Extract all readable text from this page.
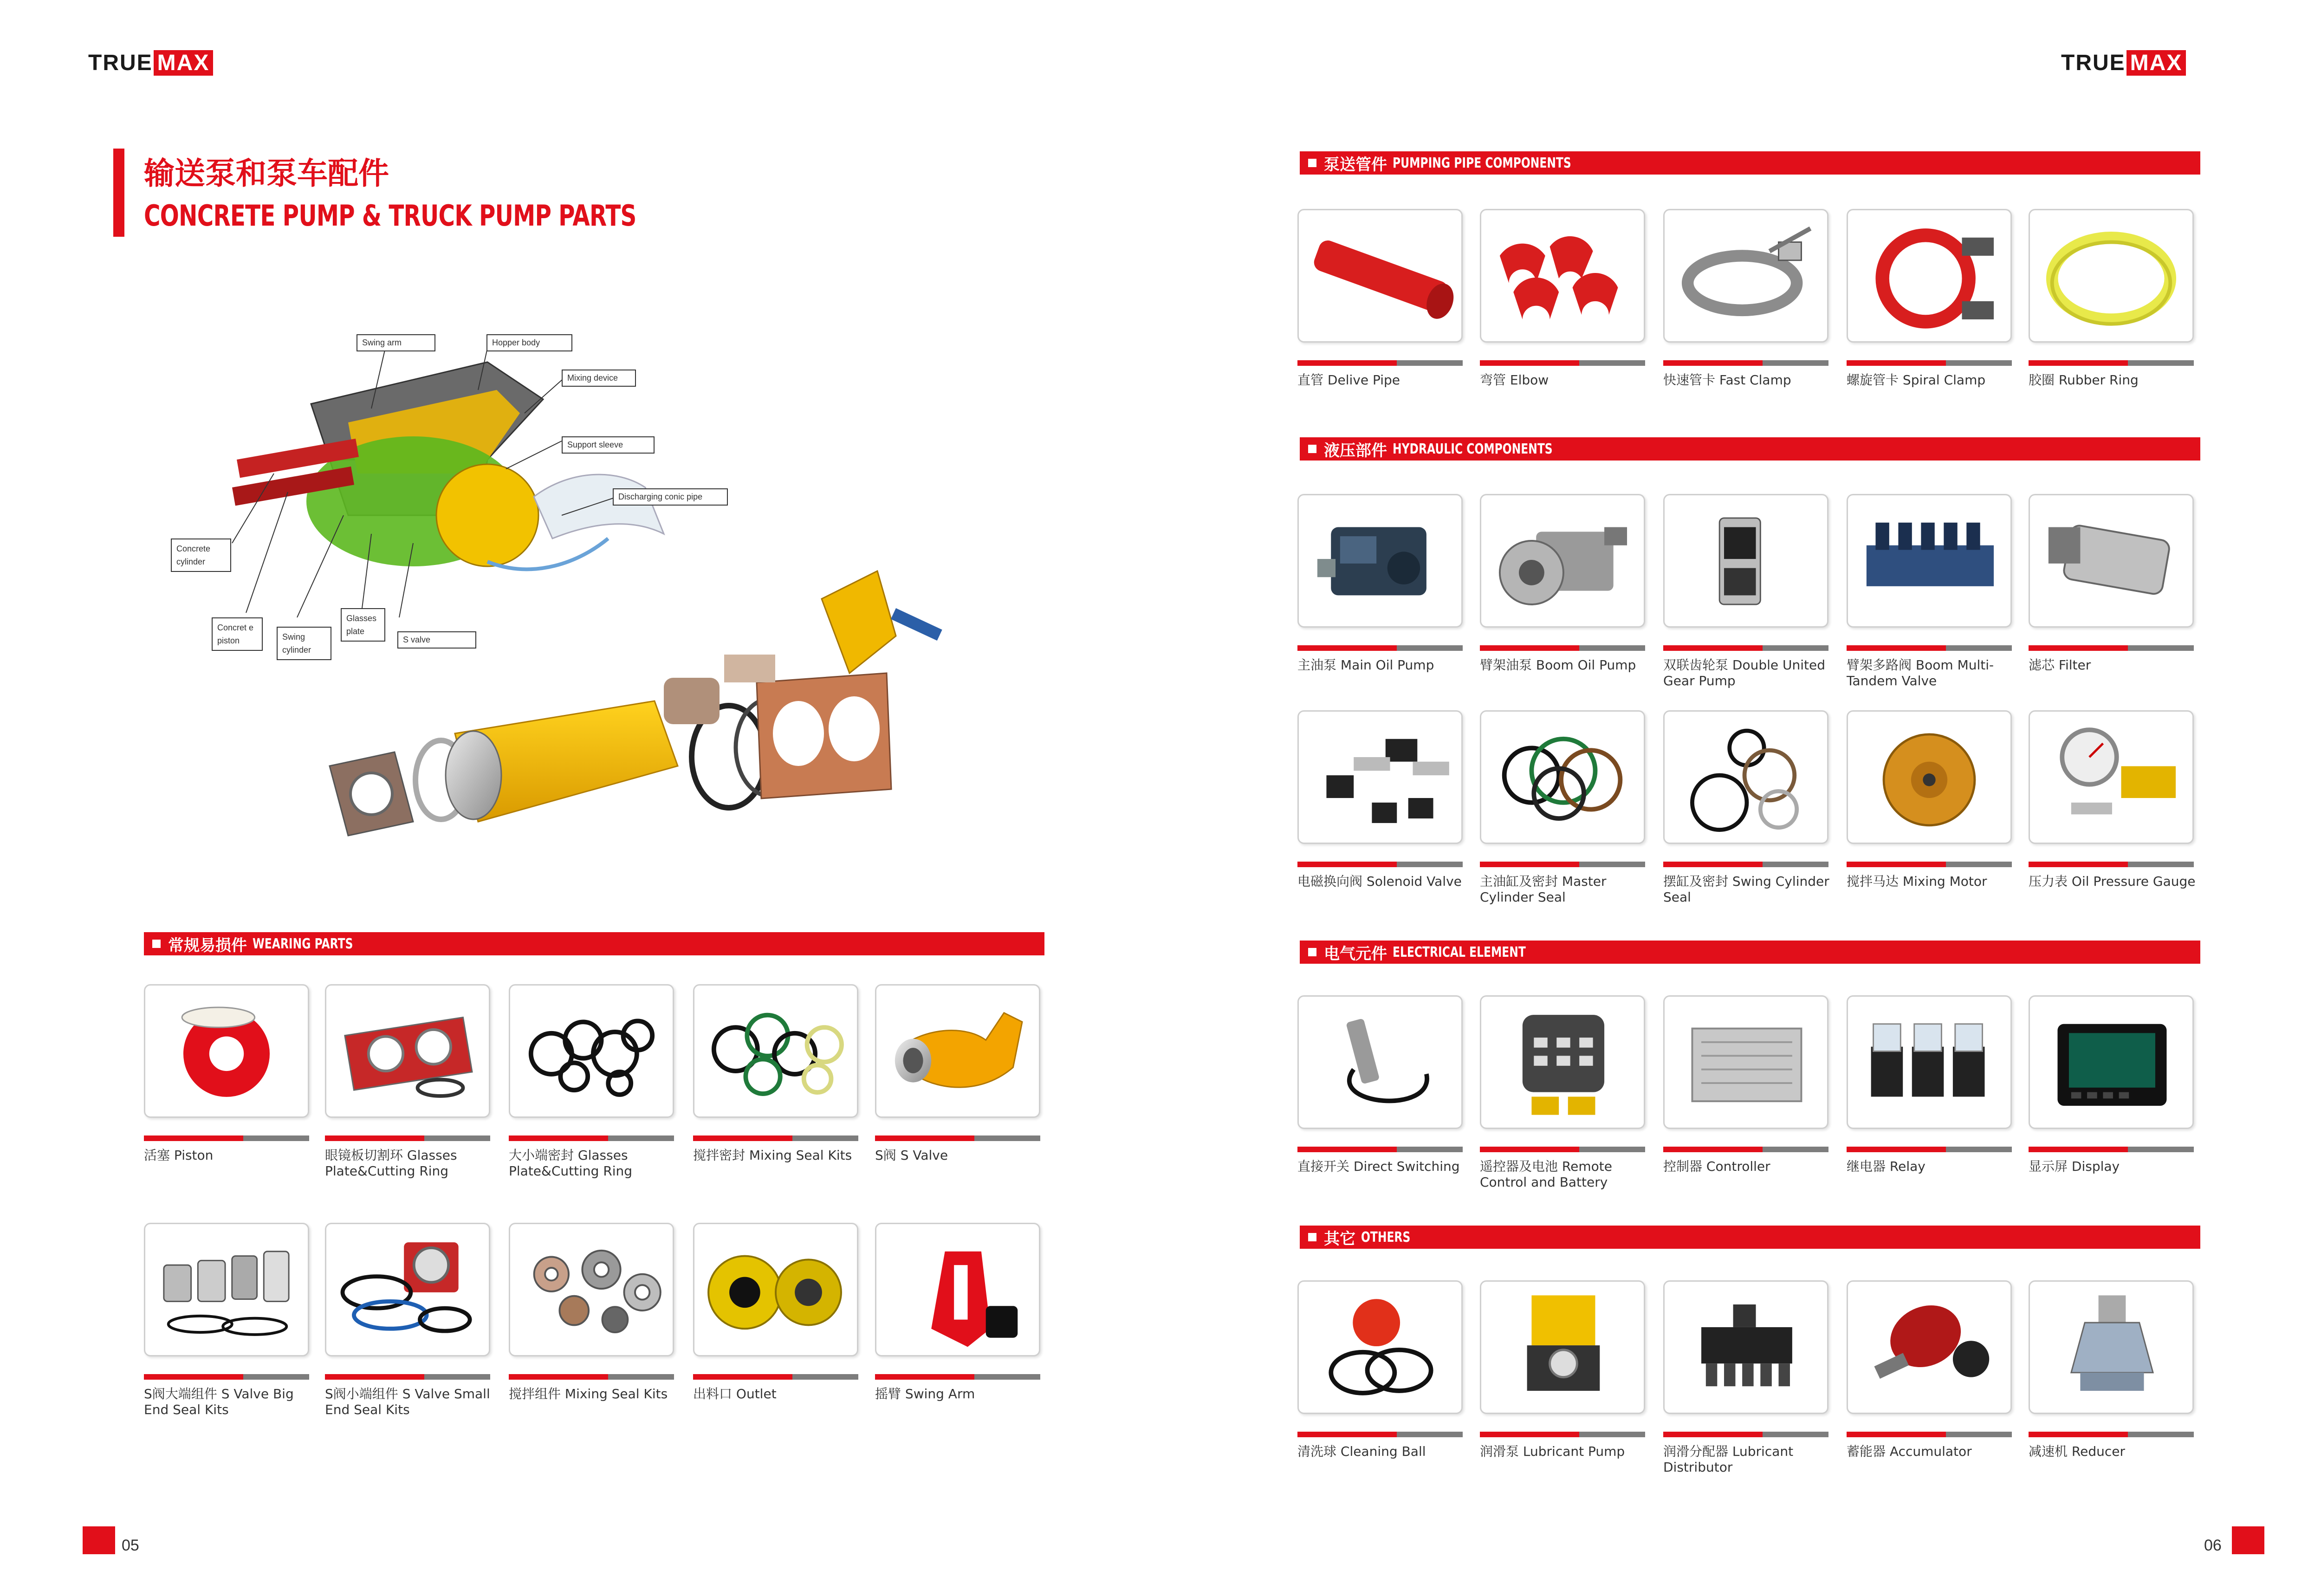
TRUE MAX	TRUE MAX
输送泵和泵车配件
CONCRETE PUMP & TRUCK PUMP PARTS
Swing arm	Hopper body
Mixing device
Support sleeve
Discharging conic pipe
Concrete cylinder
Concret e piston	Swing cylinder
Glasses plate
S valve
常规易损件 WEARING PARTS
泵送管件 PUMPING PIPE COMPONENTS
液压部件 HYDRAULIC COMPONENTS
电气元件 ELECTRICAL ELEMENT
其它 OTHERS
活塞 Piston	眼镜板切割环 Glasses Plate&Cutting Ring
大小端密封 Glasses Plate&Cutting Ring
搅拌密封 Mixing Seal Kits	S阀 S Valve
S阀大端组件 S Valve Big End Seal Kits
S阀小端组件 S Valve Small End Seal Kits
搅拌组件 Mixing Seal Kits	出料口 Outlet	摇臂 Swing Arm
直管 Delive Pipe	弯管 Elbow	快速管卡 Fast Clamp	螺旋管卡 Spiral Clamp	胶圈 Rubber Ring
主油泵 Main Oil Pump	臂架油泵 Boom Oil Pump	双联齿轮泵 Double United Gear Pump
臂架多路阀 Boom Multi-Tandem Valve
滤芯 Filter
电磁换向阀 Solenoid Valve	主油缸及密封 Master Cylinder Seal
摆缸及密封 Swing Cylinder Seal
搅拌马达 Mixing Motor	压力表 Oil Pressure Gauge
直接开关 Direct Switching	遥控器及电池 Remote Control and Battery
控制器 Controller	继电器 Relay	显示屏 Display
清洗球 Cleaning Ball	润滑泵 Lubricant Pump	润滑分配器 Lubricant Distributor
蓄能器 Accumulator	减速机 Reducer
05	06
